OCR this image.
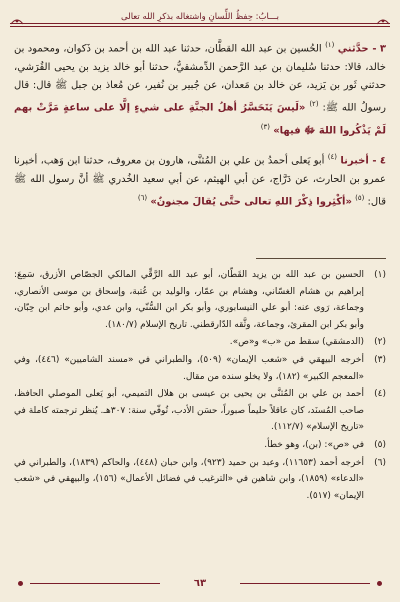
بـــابُ: حِفظُ اللِّسانِ واشتغاله بذكرِ الله تعالى

٣ - حدَّثني $^{(١)}$ الحُسين بن عبد الله القطَّان، حدثنا عبد الله بن أحمد بن ذَكوان، ومحمود بن خالد، قالا: حدثنا سُليمان بن عبد الرَّحمن الدِّمشقيُّ، حدثنا أبو خالد يزيد بن يحيى القُرَشي، حدثني ثَور بن يَزيد، عن خالد بن مَعدان، عن جُبير بن نُفير، عن مُعاذ بن جبل ﷺ قال: قال رسولُ الله ﷺ: $^{(٢)}$ «لَيسَ يَتَحَسَّرُ أهلُ الجنَّةِ على شيءٍ إلَّا على ساعةٍ مَرَّتْ بهم لَمْ يَذْكُروا اللهَ ﷻ فيها» $^{(٣)}$

٤ - أخبرنا $^{(٤)}$ أبو يَعلى أحمدُ بن علي بن المُثنَّى، هارون بن معروف، حدثنا ابن وَهب، أخبرنا عمرو بن الحارث، عن دَرَّاج، عن أبي الهيثم، عن أبي سعيد الخُدري ﷺ أنَّ رسول الله ﷺ قال: $^{(٥)}$ «أكْثِروا ذِكْرَ اللهِ تعالى حتَّى يُقالَ مجنونٌ» $^{(٦)}$

(١)
الحسين بن عبد الله بن يزيد القَطّان، أبو عبد الله الرَّقِّي المالكي الجصّاص الأزرق، سَمِعَ: إبراهيم بن هشام الغسّاني، وهشام بن عمّار، والوليد بن عُتبة، وإسحاق بن موسى الأنصاري، وجماعة، رَوى عنه: أبو علي النيسابوري، وأبو بكر ابن السُّنّي، وابن عدي، وأبو حاتم ابن حِبّان، وأبو بكر ابن المقرئ، وجماعة، وثَّقه الدّارقطني. تاريخ الإسلام (١٨٠/٧).
(٢)
(الدمشقي) سقط من «ب» و«ص».
(٣)
أخرجه البيهقي في «شعب الإيمان» (٥٠٩)، والطبراني في «مسند الشاميين» (٤٤٦)، وفي «المعجم الكبير» (١٨٢)، ولا يخلو سنده من مقال.
(٤)
أحمد بن علي بن المُثنَّى بن يحيى بن عيسى بن هلال التميمي، أبو يَعلى الموصلي الحافظ، صاحب المُسنَد، كان عاقلاً حليماً صبوراً، حسَن الأدب، تُوفّي سنة: ٣٠٧هـ. يُنظر ترجمته كاملة في «تاريخ الإسلام» (١١٢/٧).
(٥)
في «ص»: (بن)، وهو خطأ.
(٦)
أخرجه أحمد (١١٦٥٣)، وعبد بن حميد (٩٢٣)، وابن حبان (٤٤٨)، والحاكم (١٨٣٩)، والطبراني في «الدعاء» (١٨٥٩)، وابن شاهين في «الترغيب في فضائل الأعمال» (١٥٦)، والبيهقي في «شعب الإيمان» (٥١٧).
٦٣
